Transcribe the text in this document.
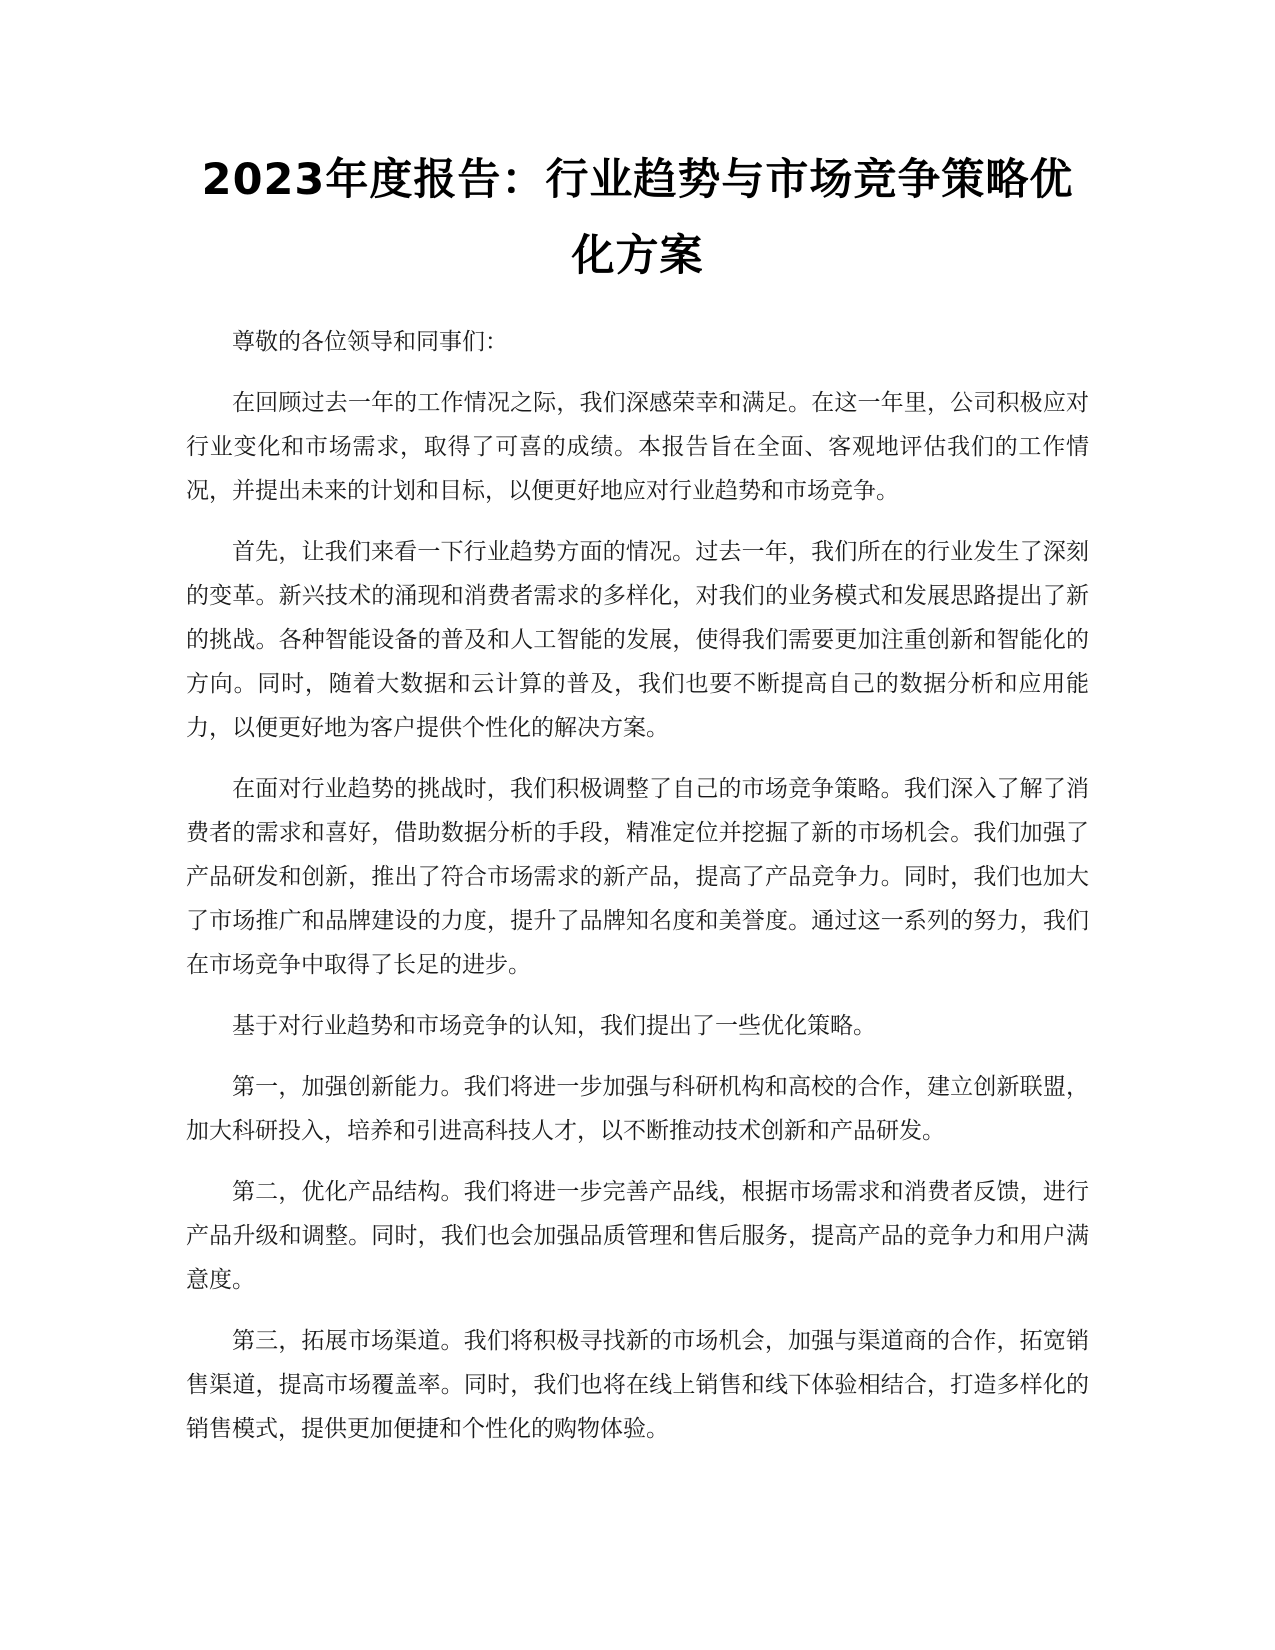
2023年度报告：行业趋势与市场竞争策略优化方案

尊敬的各位领导和同事们：

在回顾过去一年的工作情况之际，我们深感荣幸和满足。在这一年里，公司积极应对行业变化和市场需求，取得了可喜的成绩。本报告旨在全面、客观地评估我们的工作情况，并提出未来的计划和目标，以便更好地应对行业趋势和市场竞争。

首先，让我们来看一下行业趋势方面的情况。过去一年，我们所在的行业发生了深刻的变革。新兴技术的涌现和消费者需求的多样化，对我们的业务模式和发展思路提出了新的挑战。各种智能设备的普及和人工智能的发展，使得我们需要更加注重创新和智能化的方向。同时，随着大数据和云计算的普及，我们也要不断提高自己的数据分析和应用能力，以便更好地为客户提供个性化的解决方案。

在面对行业趋势的挑战时，我们积极调整了自己的市场竞争策略。我们深入了解了消费者的需求和喜好，借助数据分析的手段，精准定位并挖掘了新的市场机会。我们加强了产品研发和创新，推出了符合市场需求的新产品，提高了产品竞争力。同时，我们也加大了市场推广和品牌建设的力度，提升了品牌知名度和美誉度。通过这一系列的努力，我们在市场竞争中取得了长足的进步。

基于对行业趋势和市场竞争的认知，我们提出了一些优化策略。

第一，加强创新能力。我们将进一步加强与科研机构和高校的合作，建立创新联盟，加大科研投入，培养和引进高科技人才，以不断推动技术创新和产品研发。

第二，优化产品结构。我们将进一步完善产品线，根据市场需求和消费者反馈，进行产品升级和调整。同时，我们也会加强品质管理和售后服务，提高产品的竞争力和用户满意度。

第三，拓展市场渠道。我们将积极寻找新的市场机会，加强与渠道商的合作，拓宽销售渠道，提高市场覆盖率。同时，我们也将在线上销售和线下体验相结合，打造多样化的销售模式，提供更加便捷和个性化的购物体验。
